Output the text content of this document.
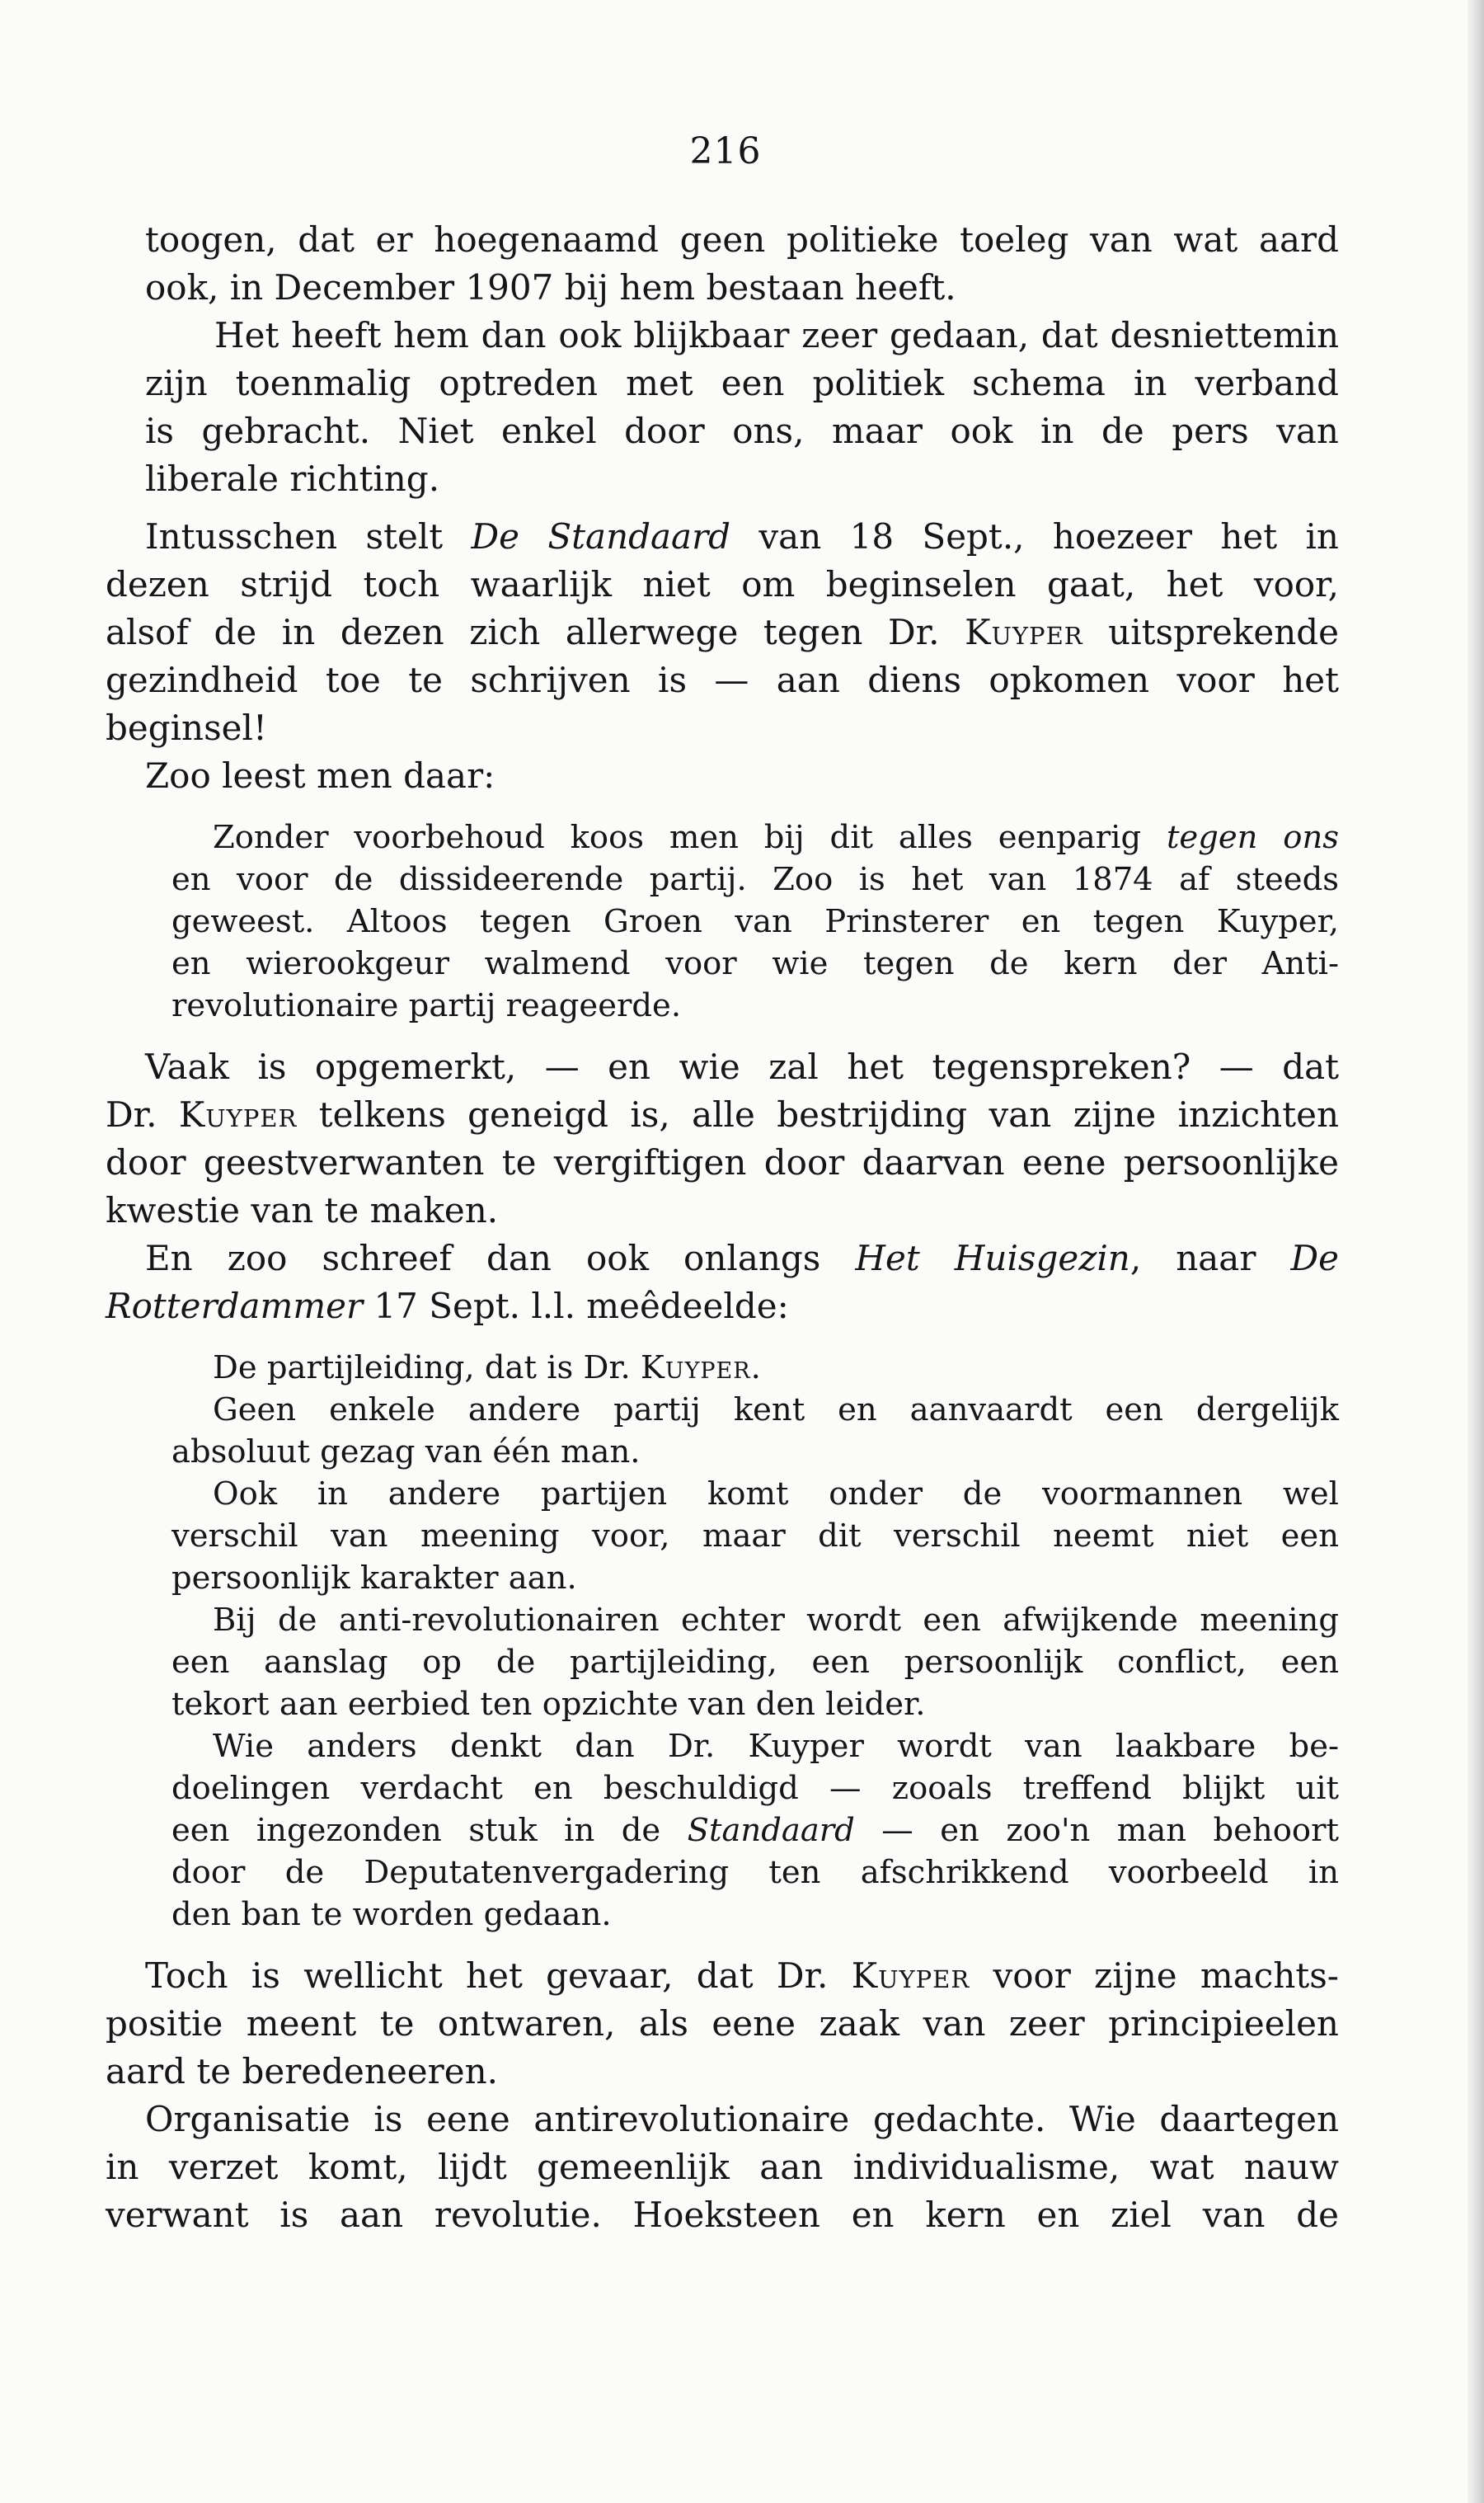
216
toogen, dat er hoegenaamd geen politieke toeleg van wat aard
ook, in December 1907 bij hem bestaan heeft.
Het heeft hem dan ook blijkbaar zeer gedaan, dat desniettemin
zijn toenmalig optreden met een politiek schema in verband
is gebracht. Niet enkel door ons, maar ook in de pers van
liberale richting.
Intusschen stelt De Standaard van 18 Sept., hoezeer het in
dezen strijd toch waarlijk niet om beginselen gaat, het voor,
alsof de in dezen zich allerwege tegen Dr. Kuyper uitsprekende
gezindheid toe te schrijven is — aan diens opkomen voor het
beginsel!
Zoo leest men daar:
Zonder voorbehoud koos men bij dit alles eenparig tegen ons
en voor de dissideerende partij. Zoo is het van 1874 af steeds
geweest. Altoos tegen Groen van Prinsterer en tegen Kuyper,
en wierookgeur walmend voor wie tegen de kern der Anti-
revolutionaire partij reageerde.
Vaak is opgemerkt, — en wie zal het tegenspreken? — dat
Dr. Kuyper telkens geneigd is, alle bestrijding van zijne inzichten
door geestverwanten te vergiftigen door daarvan eene persoonlijke
kwestie van te maken.
En zoo schreef dan ook onlangs Het Huisgezin, naar De
Rotterdammer 17 Sept. l.l. meêdeelde:
De partijleiding, dat is Dr. Kuyper.
Geen enkele andere partij kent en aanvaardt een dergelijk
absoluut gezag van één man.
Ook in andere partijen komt onder de voormannen wel
verschil van meening voor, maar dit verschil neemt niet een
persoonlijk karakter aan.
Bij de anti-revolutionairen echter wordt een afwijkende meening
een aanslag op de partijleiding, een persoonlijk conflict, een
tekort aan eerbied ten opzichte van den leider.
Wie anders denkt dan Dr. Kuyper wordt van laakbare be-
doelingen verdacht en beschuldigd — zooals treffend blijkt uit
een ingezonden stuk in de Standaard — en zoo'n man behoort
door de Deputatenvergadering ten afschrikkend voorbeeld in
den ban te worden gedaan.
Toch is wellicht het gevaar, dat Dr. Kuyper voor zijne machts-
positie meent te ontwaren, als eene zaak van zeer principieelen
aard te beredeneeren.
Organisatie is eene antirevolutionaire gedachte. Wie daartegen
in verzet komt, lijdt gemeenlijk aan individualisme, wat nauw
verwant is aan revolutie. Hoeksteen en kern en ziel van de
